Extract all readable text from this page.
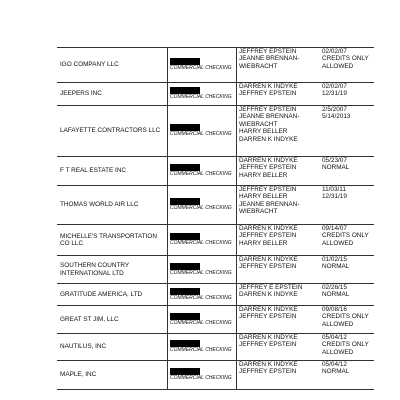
IGO COMPANY LLC	COMMERCIAL CHECKING	JEFFREY EPSTEIN
JEANNE BRENNAN-
WIEBRACHT	02/02/07
CREDITS ONLY
ALLOWED

JEEPERS INC	COMMERCIAL CHECKING	DARREN K INDYKE
JEFFREY EPSTEIN	02/02/07
12/31/19

LAFAYETTE CONTRACTORS LLC	COMMERCIAL CHECKING	JEFFREY EPSTEIN
JEANNE BRENNAN-
WIEBRACHT
HARRY BELLER
DARREN K INDYKE	2/5/2007
5/14/2013

F T REAL ESTATE INC	COMMERCIAL CHECKING	DARREN K INDYKE
JEFFREY EPSTEIN
HARRY BELLER	05/23/07
NORMAL

THOMAS WORLD AIR LLC	COMMERCIAL CHECKING	JEFFREY EPSTEIN
HARRY BELLER
JEANNE BRENNAN-
WIEBRACHT	11/03/11
12/31/19

MICHELLE'S TRANSPORTATION CO LLC	COMMERCIAL CHECKING	DARREN K INDYKE
JEFFREY EPSTEIN
HARRY BELLER	09/14/07
CREDITS ONLY
ALLOWED

SOUTHERN COUNTRY INTERNATIONAL LTD	COMMERCIAL CHECKING	DARREN K INDYKE
JEFFREY EPSTEIN	01/02/15
NORMAL

GRATITUDE AMERICA, LTD	COMMERCIAL CHECKING	JEFFREY E EPSTEIN
DARREN K INDYKE	02/26/15
NORMAL

GREAT ST JIM, LLC	COMMERCIAL CHECKING	DARREN K INDYKE
JEFFREY EPSTEIN	09/08/16
CREDITS ONLY
ALLOWED

NAUTILUS, INC	COMMERCIAL CHECKING	DARREN K INDYKE
JEFFREY EPSTEIN	05/04/12
CREDITS ONLY
ALLOWED

MAPLE, INC	COMMERCIAL CHECKING	DARREN K INDYKE
JEFFREY EPSTEIN	05/04/12
NORMAL
